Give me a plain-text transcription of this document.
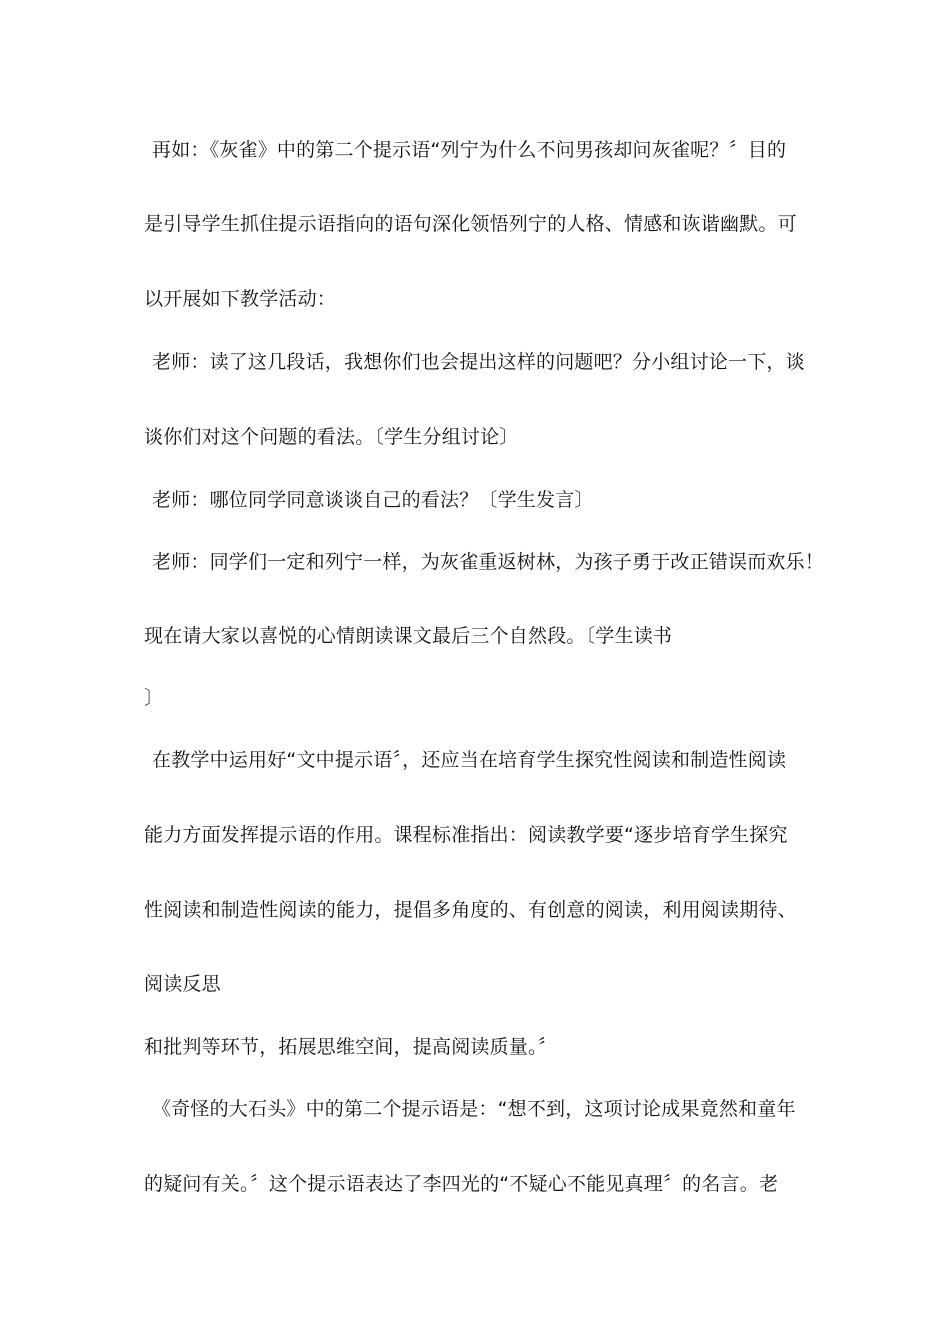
再如：《灰雀》中的第二个提示语“列宁为什么不问男孩却问灰雀呢？〞目的
是引导学生抓住提示语指向的语句深化领悟列宁的人格、情感和诙谐幽默。可
以开展如下教学活动：
老师：读了这几段话，我想你们也会提出这样的问题吧？分小组讨论一下，谈
谈你们对这个问题的看法。〔学生分组讨论〕
老师：哪位同学同意谈谈自己的看法？〔学生发言〕
老师：同学们一定和列宁一样，为灰雀重返树林，为孩子勇于改正错误而欢乐！
现在请大家以喜悦的心情朗读课文最后三个自然段。〔学生读书
〕
在教学中运用好“文中提示语〞，还应当在培育学生探究性阅读和制造性阅读
能力方面发挥提示语的作用。课程标准指出：阅读教学要“逐步培育学生探究
性阅读和制造性阅读的能力，提倡多角度的、有创意的阅读，利用阅读期待、
阅读反思
和批判等环节，拓展思维空间，提高阅读质量。〞
《奇怪的大石头》中的第二个提示语是：“想不到，这项讨论成果竟然和童年
的疑问有关。〞这个提示语表达了李四光的“不疑心不能见真理〞的名言。老
